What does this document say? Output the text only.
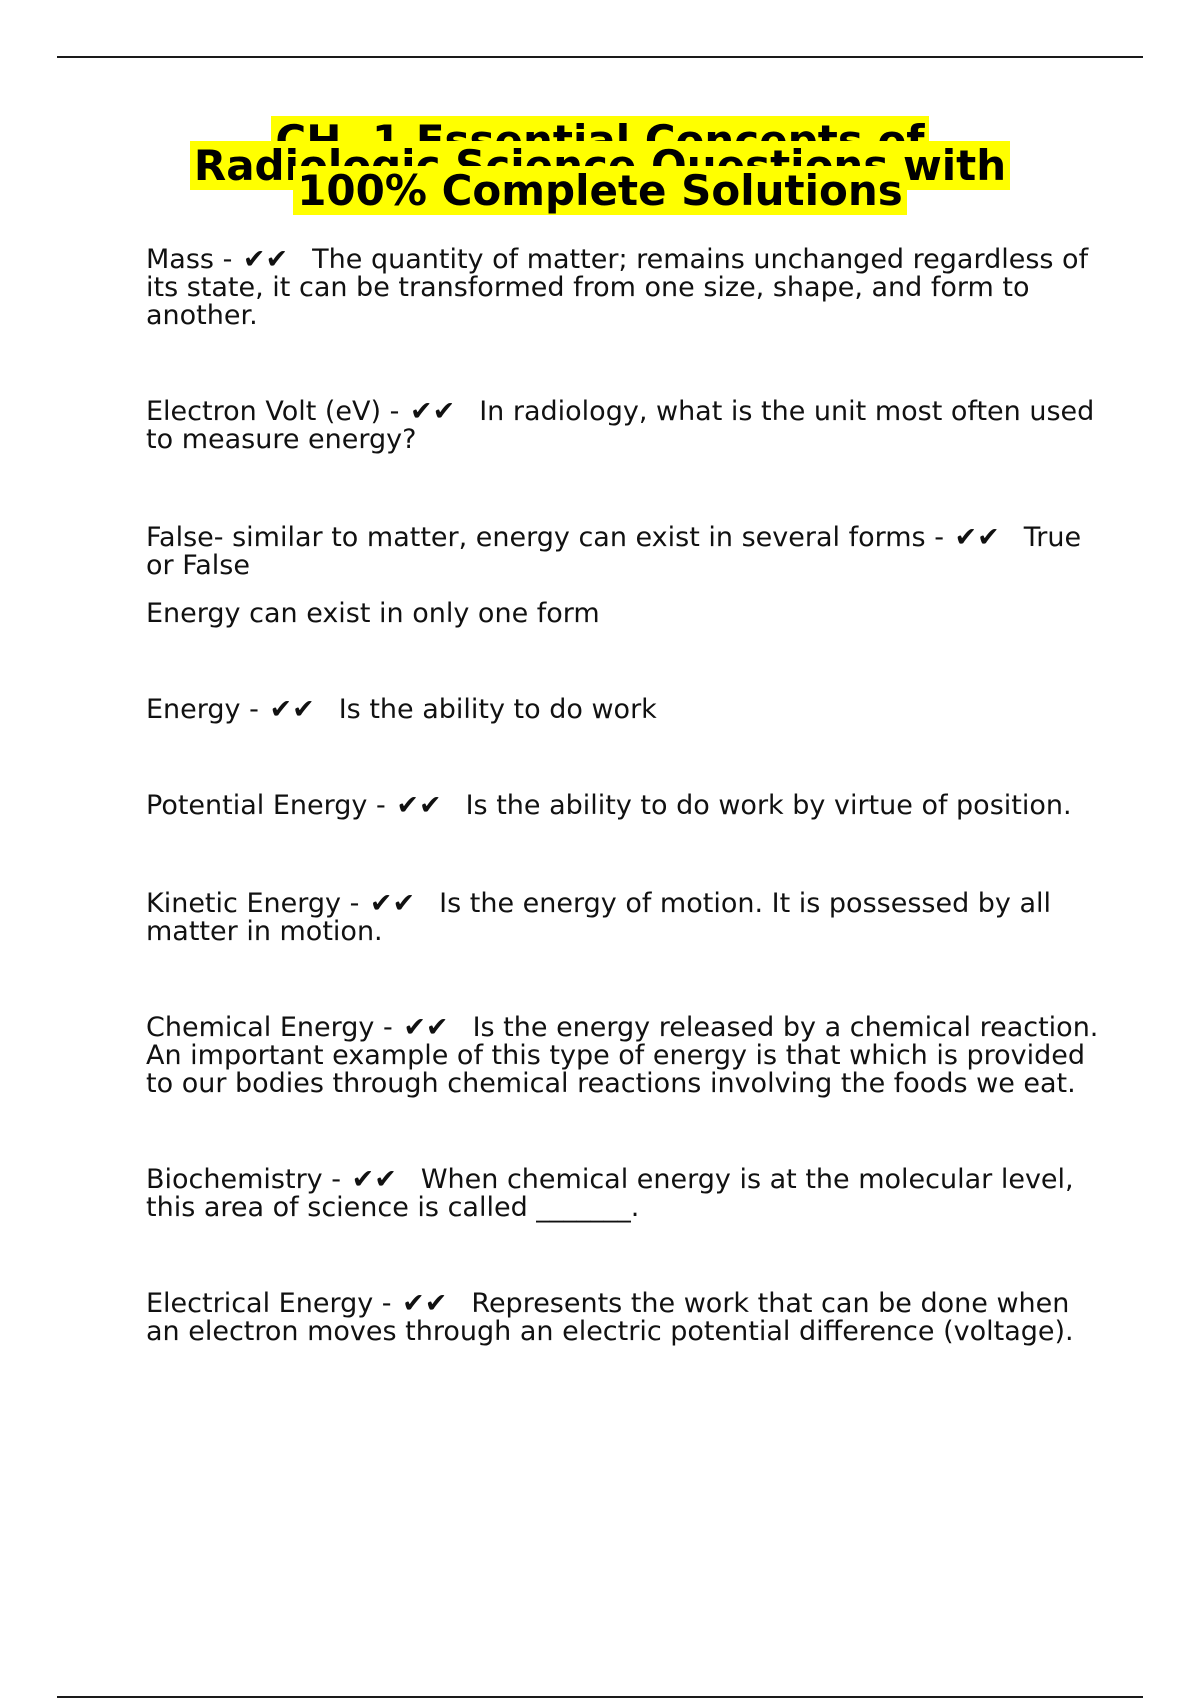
CH. 1 Essential Concepts of Radiologic Science Questions with 100% Complete Solutions

Mass - ✔✔ The quantity of matter; remains unchanged regardless of its state, it can be transformed from one size, shape, and form to another.

Electron Volt (eV) - ✔✔ In radiology, what is the unit most often used to measure energy?

False- similar to matter, energy can exist in several forms - ✔✔ True or False

Energy can exist in only one form

Energy - ✔✔ Is the ability to do work

Potential Energy - ✔✔ Is the ability to do work by virtue of position.

Kinetic Energy - ✔✔ Is the energy of motion. It is possessed by all matter in motion.

Chemical Energy - ✔✔ Is the energy released by a chemical reaction. An important example of this type of energy is that which is provided to our bodies through chemical reactions involving the foods we eat.

Biochemistry - ✔✔ When chemical energy is at the molecular level, this area of science is called _______.

Electrical Energy - ✔✔ Represents the work that can be done when an electron moves through an electric potential difference (voltage).
